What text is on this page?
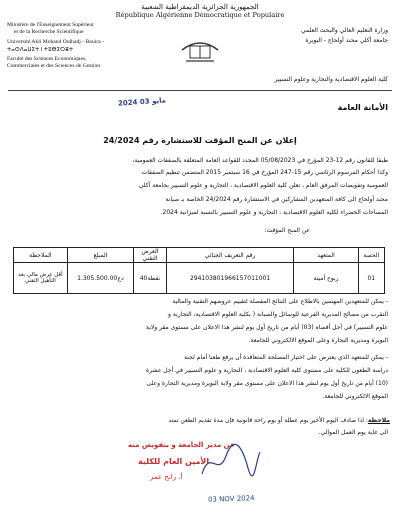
الجمهورية الجزائرية الديمقراطية الشعبية
République Algérienne Démocratique et Populaire
Ministère de l'Enseignement Supérieur
et de la Recherche Scientifique
Université Akli Mohand Oulhadj - Bouira -
ⵜⴰⵙⴷⴰⵡⵉⵜ ⵏ ⵜⵓⴱⵉⵔⴻⵜ
Faculté des Sciences Economiques,
Commerciales et des Sciences de Gestion
وزارة التعليم العالي والبحث العلمي
جامعة أكلي محند أولحاج - البويرة
كلية العلوم الاقتصادية والتجارية وعلوم التسيير
2024 مايو 03
الأمانة العامة
إعلان عن المنح المؤقت للاستشارة رقم 24/2024
طبقا للقانون رقم 12-23 المؤرخ في 05/08/2023 المحدد للقواعد العامة المتعلقة بالصفقات العمومية،
وكذا أحكام المرسوم الرئاسي رقم 15-247 المؤرخ في 16 سبتمبر 2015 المتضمن تنظيم الصفقات
العمومية وتفويضات المرفق العام ، تعلن كلية العلوم الاقتصادية ، التجارية و علوم التسيير بجامعة آكلي
محند أولحاج الى كافة المتعهدين المشاركين في الاستشارة رقم 24/2024 الخاصة بـ صيانة
المساحات الخضراء لكلية العلوم الاقتصادية ، التجارية و علوم التسيير بالنسبة لميزانية 2024.
عن المنح المؤقت:
الملاحظة	المبلغ	العرض التقني	رقم التعريف الجبائي	المتعهد	الحصة
أقل عرض مالي بعد التأهيل التقني	1.305.500.00دج	40نقطة	294103801966157011001	ربوح أمينة	01
- يمكن للمتعهدين المهتمين بالاطلاع على النتائج المفصلة لتقييم عروضهم التقنية والمالية
التقرب من مصالح المديرية الفرعية للوسائل والصيانة ( بكلية العلوم الاقتصادية، التجارية و
علوم التسيير) في أجل أقصاه (03) أيام من تاريخ أول يوم لنشر هذا الاعلان على مستوى مقر ولاية
البويرة ومديرية التجارة وعلى الموقع الالكتروني للجامعة.
- يمكن للمتعهد الذي يعترض على اختيار المصلحة المتعاقدة أن يرفع طعنا أمام لجنة
دراسة الطعون للكلية على مستوى كلية العلوم الاقتصادية ، التجارية و علوم التسيير في أجل عشرة
(10) أيام من تاريخ أول يوم لنشر هذا الاعلان على مستوى مقر ولاية البويرة ومديرية التجارة وعلى
الموقع الالكتروني للجامعة.
ملاحظة: اذا صادف اليوم الأخير يوم عطلة أو يوم راحة قانونية فإن مدة تقديم الطعن تمتد
الى غاية يوم العمل الموالي.
عن مدير الجامعة و بتفويض منه
الأمين العام للكلية
أ. رابح عمر
03 NOV 2024
